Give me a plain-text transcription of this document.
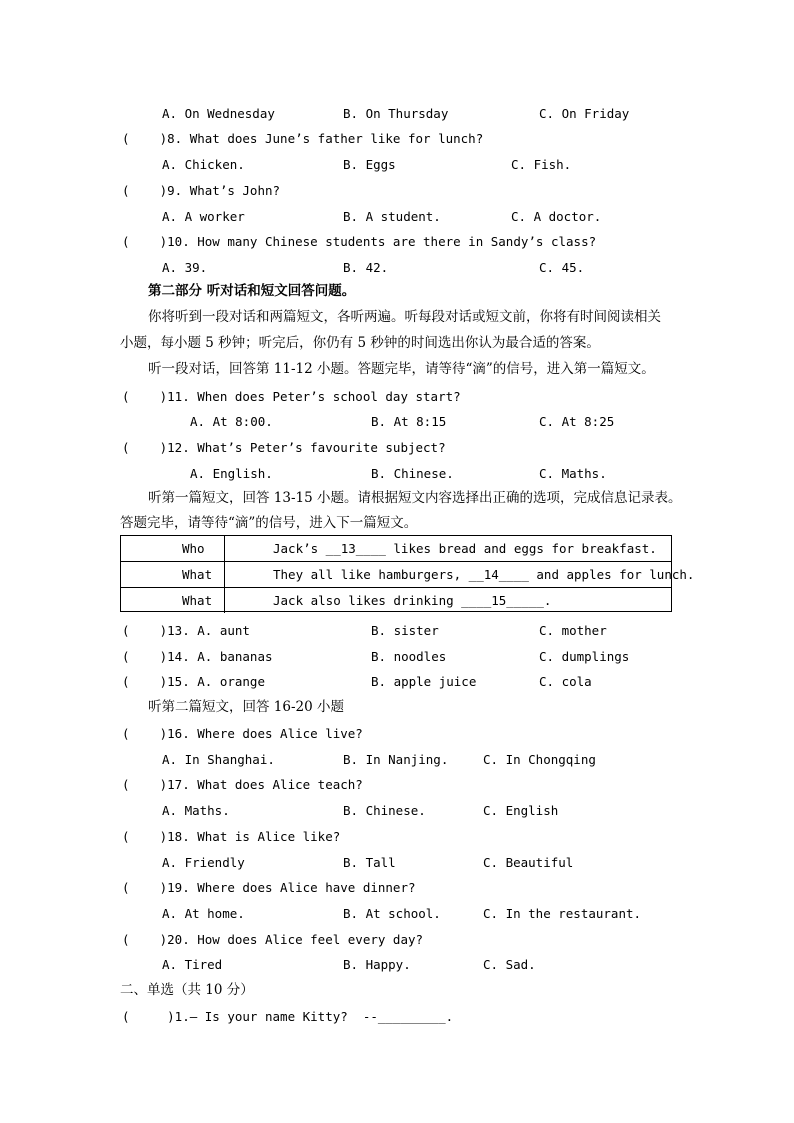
A. On Wednesday	B. On Thursday	C. On Friday
(    )8. What does June’s father like for lunch?
A. Chicken.	B. Eggs	C. Fish.
(    )9. What’s John?
A. A worker	B. A student.	C. A doctor.
(    )10. How many Chinese students are there in Sandy’s class?
A. 39.	B. 42.	C. 45.
(    )11. When does Peter’s school day start?
A. At 8:00.	B. At 8:15	C. At 8:25
(    )12. What’s Peter’s favourite subject?
A. English.	B. Chinese.	C. Maths.
(    )13. A. aunt	B. sister	C. mother
(    )14. A. bananas	B. noodles	C. dumplings
(    )15. A. orange	B. apple juice	C. cola
(    )16. Where does Alice live?
A. In Shanghai.	B. In Nanjing.	C. In Chongqing
(    )17. What does Alice teach?
A. Maths.	B. Chinese.	C. English
(    )18. What is Alice like?
A. Friendly	B. Tall	C. Beautiful
(    )19. Where does Alice have dinner?
A. At home.	B. At school.	C. In the restaurant.
(    )20. How does Alice feel every day?
A. Tired	B. Happy.	C. Sad.
(     )1.— Is your name Kitty?  --_________.
第二部分 听对话和短文回答问题。
你将听到一段对话和两篇短文，各听两遍。听每段对话或短文前，你将有时间阅读相关
小题，每小题 5 秒钟；听完后，你仍有 5 秒钟的时间选出你认为最合适的答案。
听一段对话，回答第 11-12 小题。答题完毕，请等待“滴”的信号，进入第一篇短文。
听第一篇短文，回答 13-15 小题。请根据短文内容选择出正确的选项，完成信息记录表。
答题完毕，请等待“滴”的信号，进入下一篇短文。
听第二篇短文，回答 16-20 小题
二、单选（共 10 分）
Who	Jack’s __13____ likes bread and eggs for breakfast.
What	They all like hamburgers, __14____ and apples for lunch.
What	Jack also likes drinking ____15_____.
